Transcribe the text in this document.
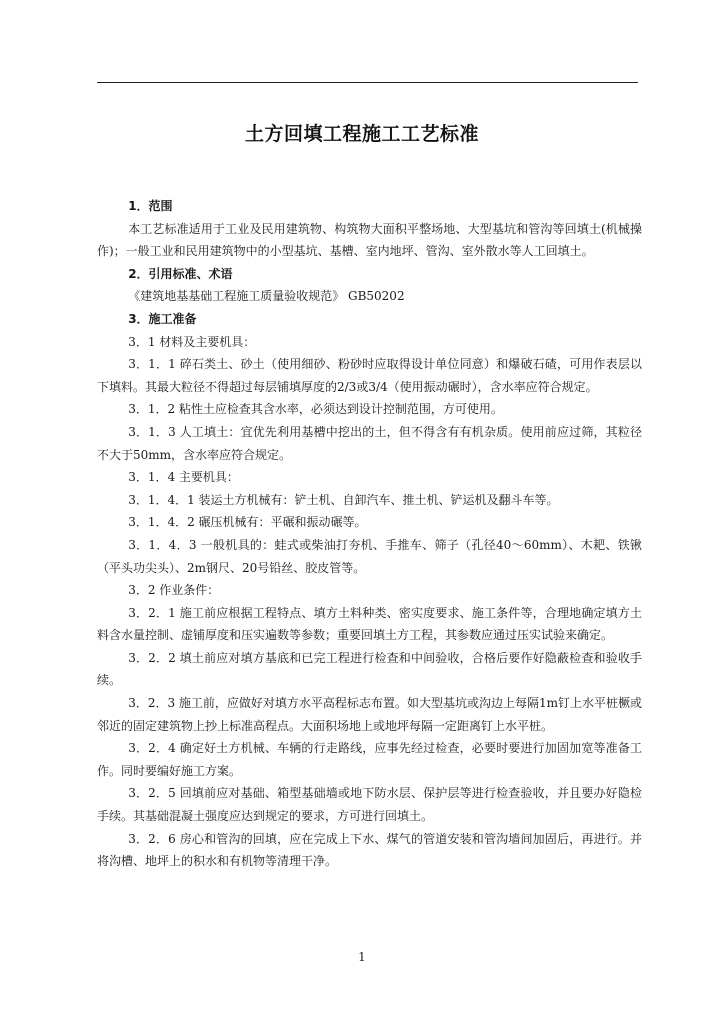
土方回填工程施工工艺标准

1．范围

本工艺标准适用于工业及民用建筑物、构筑物大面积平整场地、大型基坑和管沟等回填土(机械操作)；一般工业和民用建筑物中的小型基坑、基槽、室内地坪、管沟、室外散水等人工回填土。

2．引用标准、术语

《建筑地基基础工程施工质量验收规范》 GB50202

3．施工准备

3．1 材料及主要机具：

3．1．1 碎石类土、砂土（使用细砂、粉砂时应取得设计单位同意）和爆破石碴，可用作表层以下填料。其最大粒径不得超过每层铺填厚度的2/3或3/4（使用振动碾时），含水率应符合规定。

3．1．2 粘性土应检查其含水率，必须达到设计控制范围，方可使用。

3．1．3 人工填土：宜优先利用基槽中挖出的土，但不得含有有机杂质。使用前应过筛，其粒径不大于50mm，含水率应符合规定。

3．1．4 主要机具：

3．1．4．1 装运土方机械有：铲土机、自卸汽车、推土机、铲运机及翻斗车等。

3．1．4．2 碾压机械有：平碾和振动碾等。

3．1．4．3 一般机具的：蛙式或柴油打夯机、手推车、筛子（孔径40～60mm）、木耙、铁锹（平头功尖头）、2m钢尺、20号铅丝、胶皮管等。

3．2 作业条件：

3．2．1 施工前应根据工程特点、填方土料种类、密实度要求、施工条件等，合理地确定填方土料含水量控制、虚铺厚度和压实遍数等参数；重要回填土方工程，其参数应通过压实试验来确定。

3．2．2 填土前应对填方基底和已完工程进行检查和中间验收，合格后要作好隐蔽检查和验收手续。

3．2．3 施工前，应做好对填方水平高程标志布置。如大型基坑或沟边上每隔1m钉上水平桩橛或邻近的固定建筑物上抄上标准高程点。大面积场地上或地坪每隔一定距离钉上水平桩。

3．2．4 确定好土方机械、车辆的行走路线，应事先经过检查，必要时要进行加固加宽等准备工作。同时要编好施工方案。

3．2．5 回填前应对基础、箱型基础墙或地下防水层、保护层等进行检查验收，并且要办好隐检手续。其基础混凝土强度应达到规定的要求，方可进行回填土。

3．2．6 房心和管沟的回填，应在完成上下水、煤气的管道安装和管沟墙间加固后，再进行。并将沟槽、地坪上的积水和有机物等清理干净。

1
